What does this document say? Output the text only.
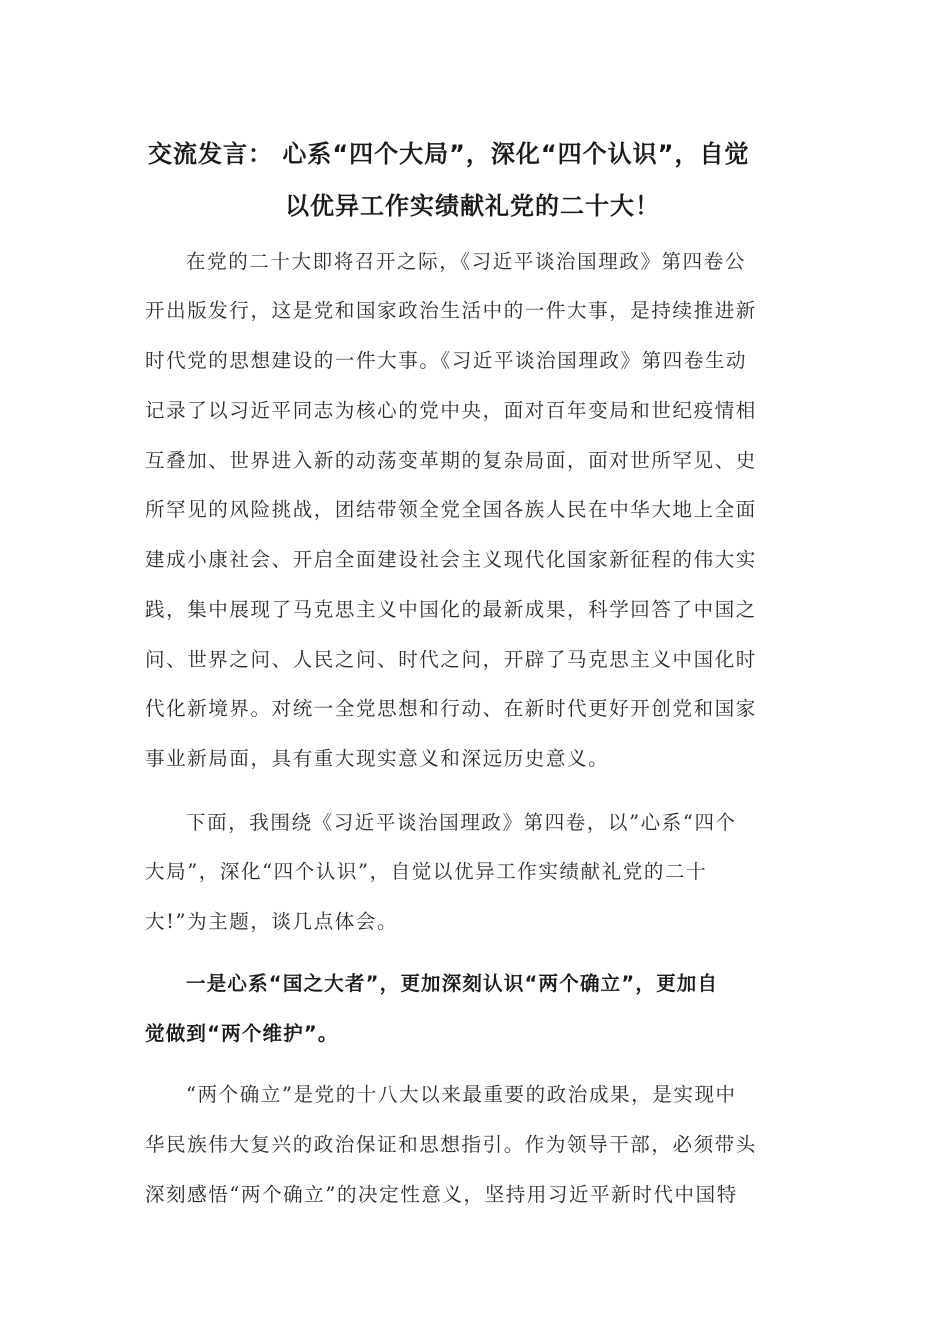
交流发言： 心系“四个大局”，深化“四个认识”，自觉
以优异工作实绩献礼党的二十大！
在党的二十大即将召开之际，《习近平谈治国理政》第四卷公
开出版发行，这是党和国家政治生活中的一件大事，是持续推进新
时代党的思想建设的一件大事。《习近平谈治国理政》第四卷生动
记录了以习近平同志为核心的党中央，面对百年变局和世纪疫情相
互叠加、世界进入新的动荡变革期的复杂局面，面对世所罕见、史
所罕见的风险挑战，团结带领全党全国各族人民在中华大地上全面
建成小康社会、开启全面建设社会主义现代化国家新征程的伟大实
践，集中展现了马克思主义中国化的最新成果，科学回答了中国之
问、世界之问、人民之问、时代之问，开辟了马克思主义中国化时
代化新境界。对统一全党思想和行动、在新时代更好开创党和国家
事业新局面，具有重大现实意义和深远历史意义。
下面，我围绕《习近平谈治国理政》第四卷，以”心系“四个
大局”，深化“四个认识”，自觉以优异工作实绩献礼党的二十
大!”为主题，谈几点体会。
一是心系“国之大者”，更加深刻认识“两个确立”，更加自
觉做到“两个维护”。
“两个确立”是党的十八大以来最重要的政治成果，是实现中
华民族伟大复兴的政治保证和思想指引。作为领导干部，必须带头
深刻感悟“两个确立”的决定性意义，坚持用习近平新时代中国特
